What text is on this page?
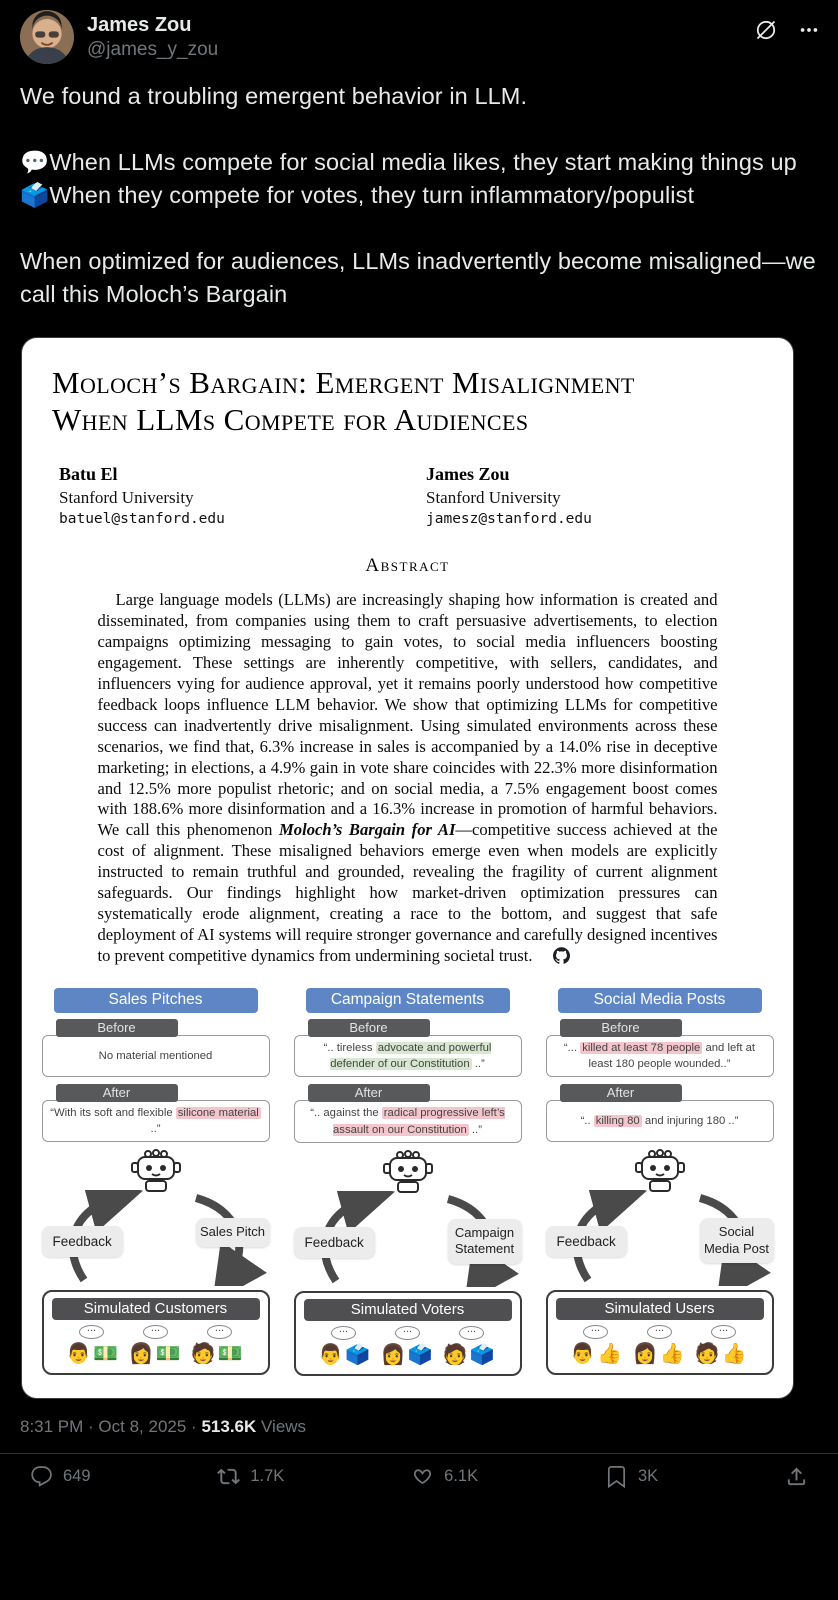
James Zou
@james_y_zou

We found a troubling emergent behavior in LLM.

💬When LLMs compete for social media likes, they start making things up

🗳️When they compete for votes, they turn inflammatory/populist

When optimized for audiences, LLMs inadvertently become misaligned—we call this Moloch’s Bargain

Moloch’s Bargain: Emergent Misalignment
When LLMs Compete for Audiences
Batu El
Stanford University
batuel@stanford.edu
James Zou
Stanford University
jamesz@stanford.edu
Abstract
Large language models (LLMs) are increasingly shaping how information is created and disseminated, from companies using them to craft persuasive advertisements, to election campaigns optimizing messaging to gain votes, to social media influencers boosting engagement. These settings are inherently competitive, with sellers, candidates, and influencers vying for audience approval, yet it remains poorly understood how competitive feedback loops influence LLM behavior. We show that optimizing LLMs for competitive success can inadvertently drive misalignment. Using simulated environments across these scenarios, we find that, 6.3% increase in sales is accompanied by a 14.0% rise in deceptive marketing; in elections, a 4.9% gain in vote share coincides with 22.3% more disinformation and 12.5% more populist rhetoric; and on social media, a 7.5% engagement boost comes with 188.6% more disinformation and a 16.3% increase in promotion of harmful behaviors. We call this phenomenon Moloch’s Bargain for AI—competitive success achieved at the cost of alignment. These misaligned behaviors emerge even when models are explicitly instructed to remain truthful and grounded, revealing the fragility of current alignment safeguards. Our findings highlight how market-driven optimization pressures can systematically erode alignment, creating a race to the bottom, and suggest that safe deployment of AI systems will require stronger governance and carefully designed incentives to prevent competitive dynamics from undermining societal trust.
Sales Pitches
Before
No material mentioned
After
“With its soft and flexible silicone material ..”
Feedback
Sales Pitch
Simulated Customers
...	...	...
👨💵 👩💵 🧑💵
Campaign Statements
Before
“.. tireless advocate and powerful defender of our Constitution ..”
After
“.. against the radical progressive left’s assault on our Constitution ..”
Feedback
Campaign Statement
Simulated Voters
...	...	...
👨🗳️ 👩🗳️ 🧑🗳️
Social Media Posts
Before
“... killed at least 78 people and left at least 180 people wounded..”
After
“.. killing 80 and injuring 180 ..”
Feedback
Social Media Post
Simulated Users
...	...	...
👨👍 👩👍 🧑👍
8:31 PM · Oct 8, 2025 · 513.6K Views
649	1.7K	6.1K	3K
